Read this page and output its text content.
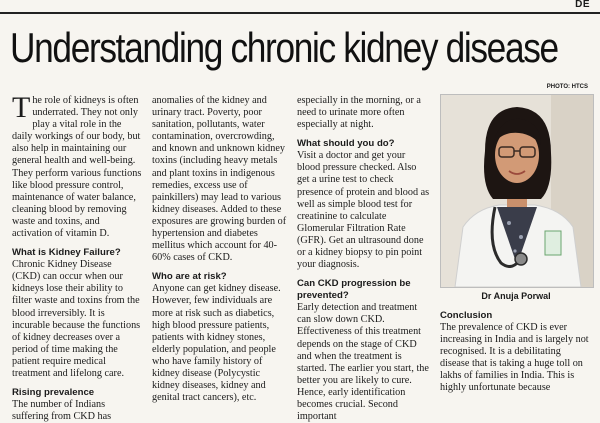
DE
Understanding chronic kidney disease
PHOTO: HTCS

The role of kidneys is often underrated. They not only play a vital role in the daily workings of our body, but also help in maintaining our general health and well-being. They perform various functions like blood pressure control, maintenance of water balance, cleaning blood by removing waste and toxins, and activation of vitamin D.

What is Kidney Failure?

Chronic Kidney Disease (CKD) can occur when our kidneys lose their ability to filter waste and toxins from the blood irreversibly. It is incurable because the functions of kidney decreases over a period of time making the patient require medical treatment and lifelong care.

Rising prevalence

The number of Indians suffering from CKD has

anomalies of the kidney and urinary tract. Poverty, poor sanitation, pollutants, water contamination, overcrowding, and known and unknown kidney toxins (including heavy metals and plant toxins in indigenous remedies, excess use of painkillers) may lead to various kidney diseases. Added to these exposures are growing burden of hypertension and diabetes mellitus which account for 40-60% cases of CKD.

Who are at risk?

Anyone can get kidney disease. However, few individuals are more at risk such as diabetics, high blood pressure patients, patients with kidney stones, elderly population, and people who have family history of kidney disease (Polycystic kidney diseases, kidney and genital tract cancers), etc.

especially in the morning, or a need to urinate more often especially at night.

What should you do?

Visit a doctor and get your blood pressure checked. Also get a urine test to check presence of protein and blood as well as simple blood test for creatinine to calculate Glomerular Filtration Rate (GFR). Get an ultrasound done or a kidney biopsy to pin point your diagnosis.

Can CKD progression be prevented?

Early detection and treatment can slow down CKD. Effectiveness of this treatment depends on the stage of CKD and when the treatment is started. The earlier you start, the better you are likely to cure. Hence, early identification becomes crucial. Second important

Dr Anuja Porwal
Conclusion

The prevalence of CKD is ever increasing in India and is largely not recognised. It is a debilitating disease that is taking a huge toll on lakhs of families in India. This is highly unfortunate because
